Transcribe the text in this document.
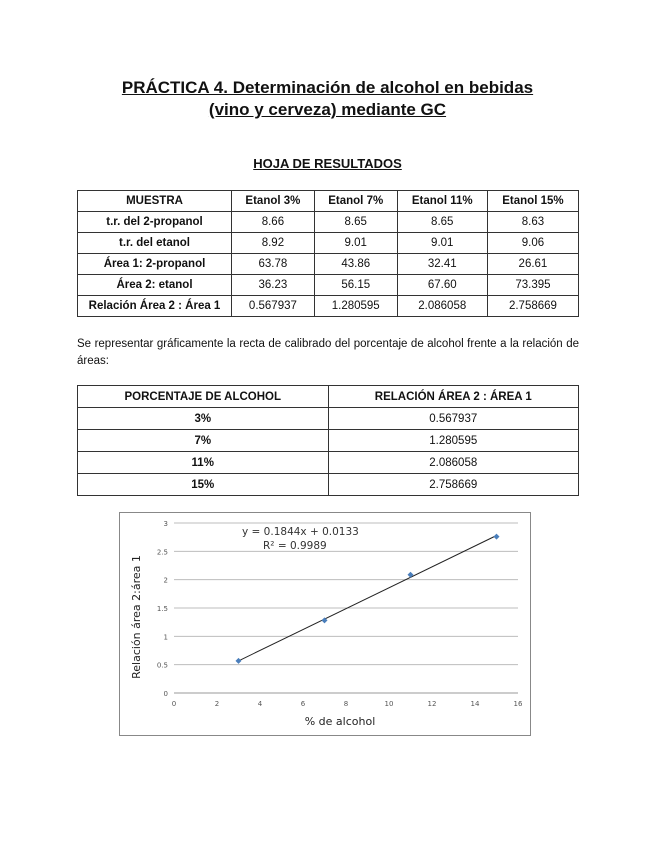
PRÁCTICA 4. Determinación de alcohol en bebidas
(vino y cerveza) mediante GC
HOJA DE RESULTADOS
MUESTRA	Etanol 3%	Etanol 7%	Etanol 11%	Etanol 15%
t.r. del 2-propanol	8.66	8.65	8.65	8.63
t.r. del etanol	8.92	9.01	9.01	9.06
Área 1: 2-propanol	63.78	43.86	32.41	26.61
Área 2: etanol	36.23	56.15	67.60	73.395
Relación Área 2 : Área 1	0.567937	1.280595	2.086058	2.758669
Se representar gráficamente la recta de calibrado del porcentaje de alcohol frente a la relación de áreas:
PORCENTAJE DE ALCOHOL	RELACIÓN ÁREA 2 : ÁREA 1
3%	0.567937
7%	1.280595
11%	2.086058
15%	2.758669
0
0.5
1
1.5
2
2.5
3
0	2	4	6	8	10	12	14	16
y = 0.1844x + 0.0133
R² = 0.9989
% de alcohol
Relación área 2:área 1
